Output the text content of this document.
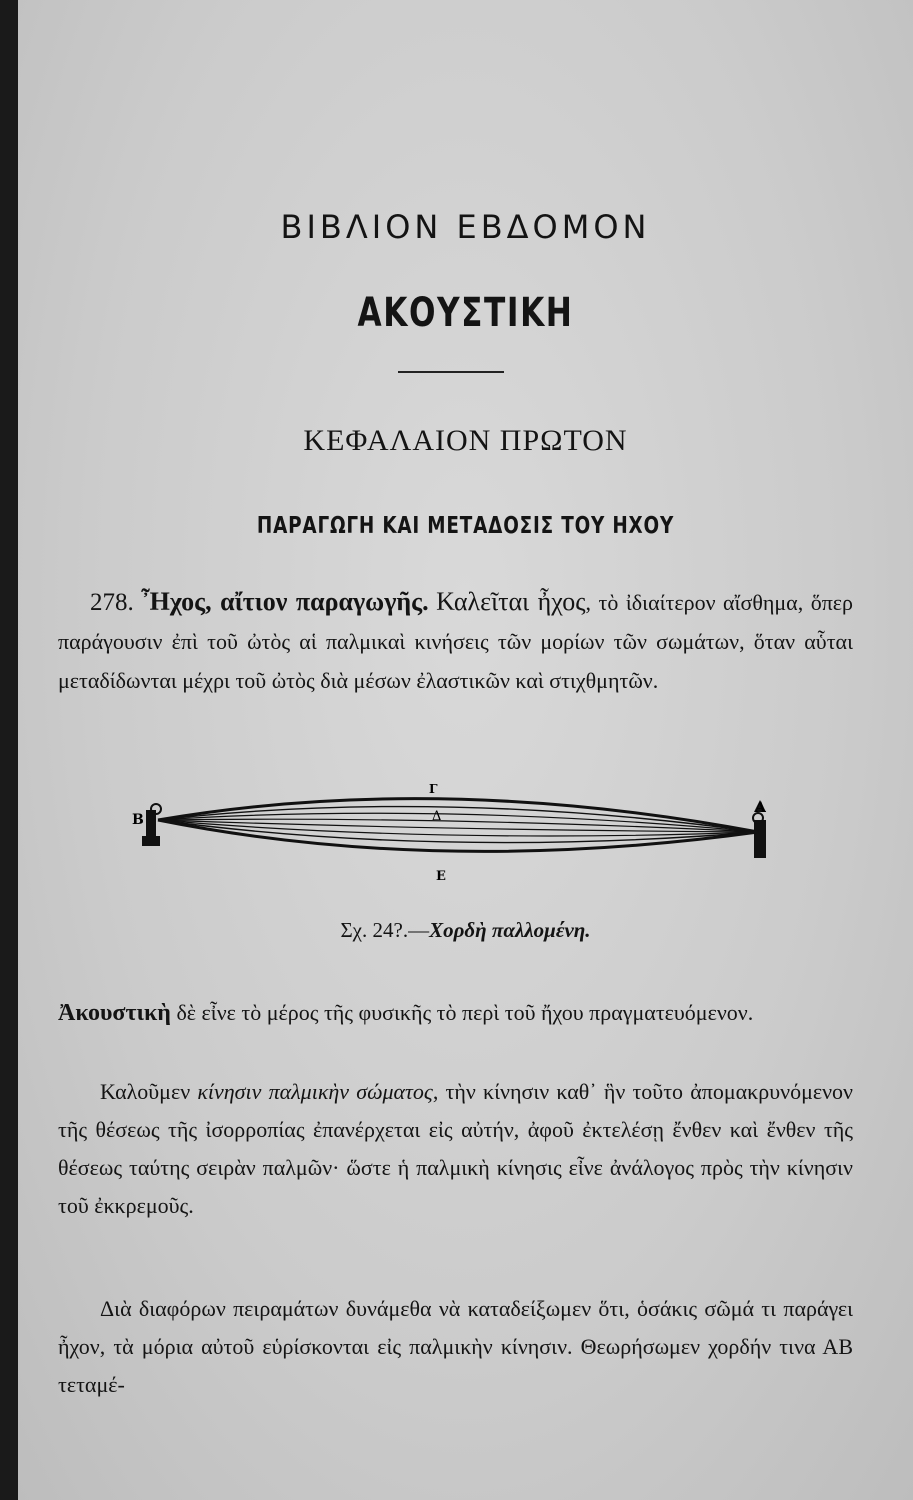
ΒΙΒΛΙΟΝ ΕΒΔΟΜΟΝ
ΑΚΟΥΣΤΙΚΗ
ΚΕΦΑΛΑΙΟΝ ΠΡΩΤΟΝ
ΠΑΡΑΓΩΓΗ ΚΑΙ ΜΕΤΑΔΟΣΙΣ ΤΟΥ ΗΧΟΥ
278. Ἦχος, αἴτιον παραγωγῆς. Καλεῖται ἦχος, τὸ ἰδιαίτερον αἴσθημα, ὅπερ παράγουσιν ἐπὶ τοῦ ὠτὸς αἱ παλμικαὶ κινήσεις τῶν μορίων τῶν σωμάτων, ὅταν αὗται μεταδίδωνται μέχρι τοῦ ὠτὸς διὰ μέσων ἐλαστικῶν καὶ στιχθμητῶν.
B
A
Γ
Δ
E
Σχ. 24?.—Χορδὴ παλλομένη.
Ἀκουστικὴ δὲ εἶνε τὸ μέρος τῆς φυσικῆς τὸ περὶ τοῦ ἤχου πραγματευόμενον.
Καλοῦμεν κίνησιν παλμικὴν σώματος, τὴν κίνησιν καθ᾽ ἣν τοῦτο ἀπομακρυνόμενον τῆς θέσεως τῆς ἰσορροπίας ἐπανέρχεται εἰς αὐτήν, ἀφοῦ ἐκτελέσῃ ἔνθεν καὶ ἔνθεν τῆς θέσεως ταύτης σειρὰν παλμῶν· ὥστε ἡ παλμικὴ κίνησις εἶνε ἀνάλογος πρὸς τὴν κίνησιν τοῦ ἐκκρεμοῦς.
Διὰ διαφόρων πειραμάτων δυνάμεθα νὰ καταδείξωμεν ὅτι, ὁσάκις σῶμά τι παράγει ἦχον, τὰ μόρια αὐτοῦ εὑρίσκονται εἰς παλμικὴν κίνησιν. Θεωρήσωμεν χορδήν τινα ΑΒ τεταμέ-
